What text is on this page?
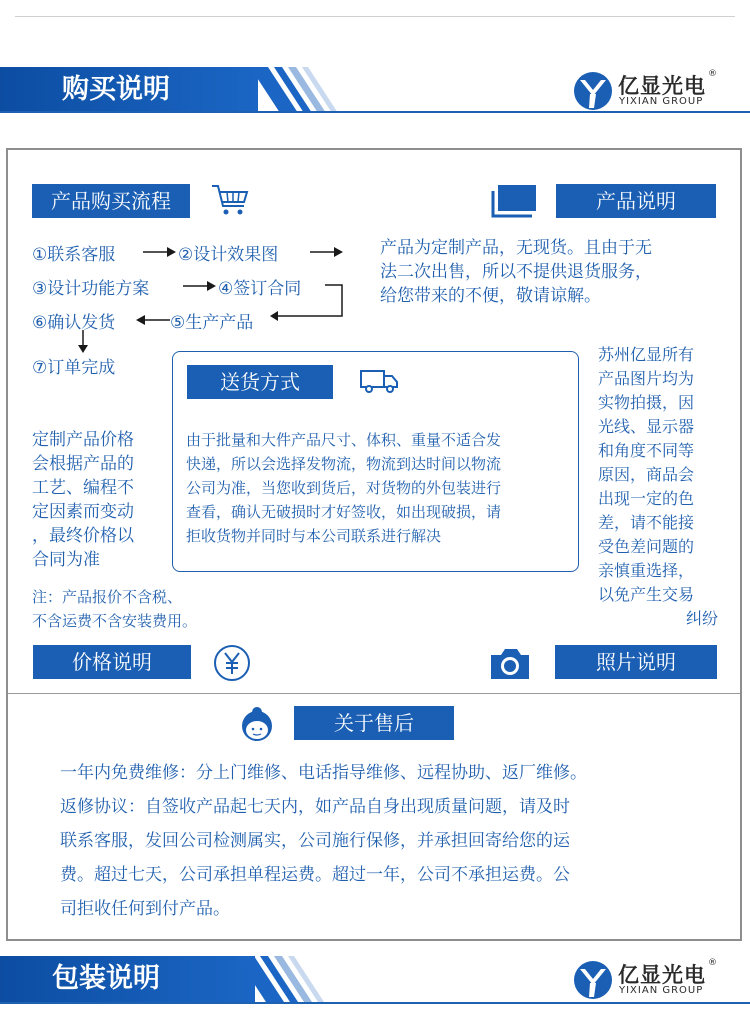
购买说明	亿显光电 ®
YIXIAN GROUP
产品购买流程
①联系客服	②设计效果图
③设计功能方案	④签订合同
⑥确认发货	⑤生产产品
⑦订单完成
产品说明
产品为定制产品，无现货。且由于无
法二次出售，所以不提供退货服务，
给您带来的不便，敬请谅解。
送货方式
由于批量和大件产品尺寸、体积、重量不适合发
快递，所以会选择发物流，物流到达时间以物流
公司为准，当您收到货后，对货物的外包装进行
查看，确认无破损时才好签收，如出现破损，请
拒收货物并同时与本公司联系进行解决
定制产品价格
会根据产品的
工艺、编程不
定因素而变动
，最终价格以
合同为准
注：产品报价不含税、
不含运费不含安装费用。
苏州亿显所有
产品图片均为
实物拍摄，因
光线、显示器
和角度不同等
原因，商品会
出现一定的色
差，请不能接
受色差问题的
亲慎重选择，
以免产生交易
纠纷
价格说明	照片说明
关于售后
一年内免费维修：分上门维修、电话指导维修、远程协助、返厂维修。
返修协议：自签收产品起七天内，如产品自身出现质量问题，请及时
联系客服，发回公司检测属实，公司施行保修，并承担回寄给您的运
费。超过七天，公司承担单程运费。超过一年，公司不承担运费。公
司拒收任何到付产品。
包装说明	亿显光电 ®
YIXIAN GROUP
